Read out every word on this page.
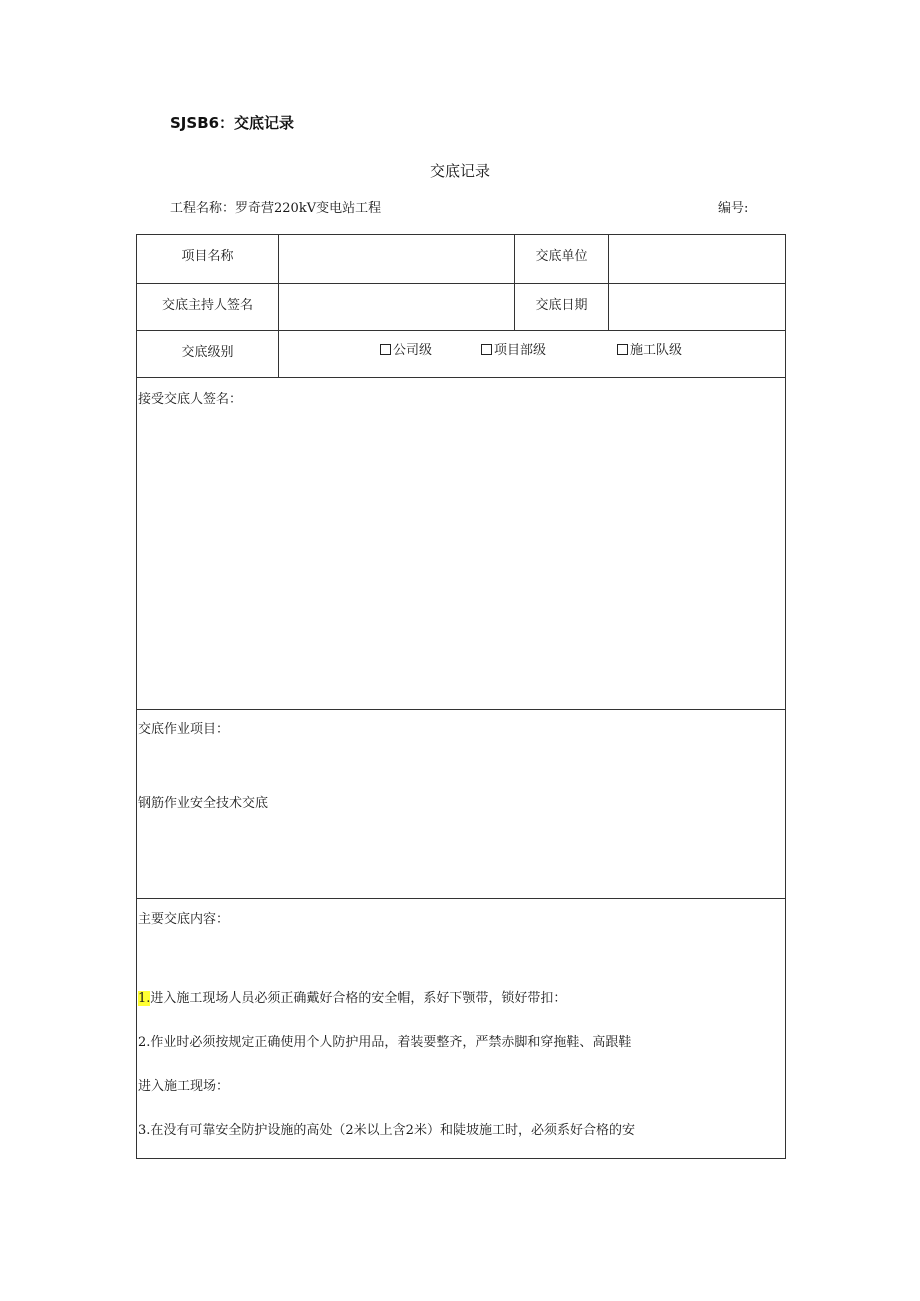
SJSB6：交底记录
交底记录
工程名称：罗奇营220kV变电站工程	编号:
项目名称		交底单位	
交底主持人签名		交底日期	
交底级别	公司级 项目部级 施工队级		

接受交底人签名：			

交底作业项目：
钢筋作业安全技术交底			

主要交底内容：
1.进入施工现场人员必须正确戴好合格的安全帽，系好下颚带，锁好带扣：
2.作业时必须按规定正确使用个人防护用品，着装要整齐，严禁赤脚和穿拖鞋、高跟鞋
进入施工现场：
3.在没有可靠安全防护设施的高处（2米以上含2米）和陡坡施工时，必须系好合格的安			
